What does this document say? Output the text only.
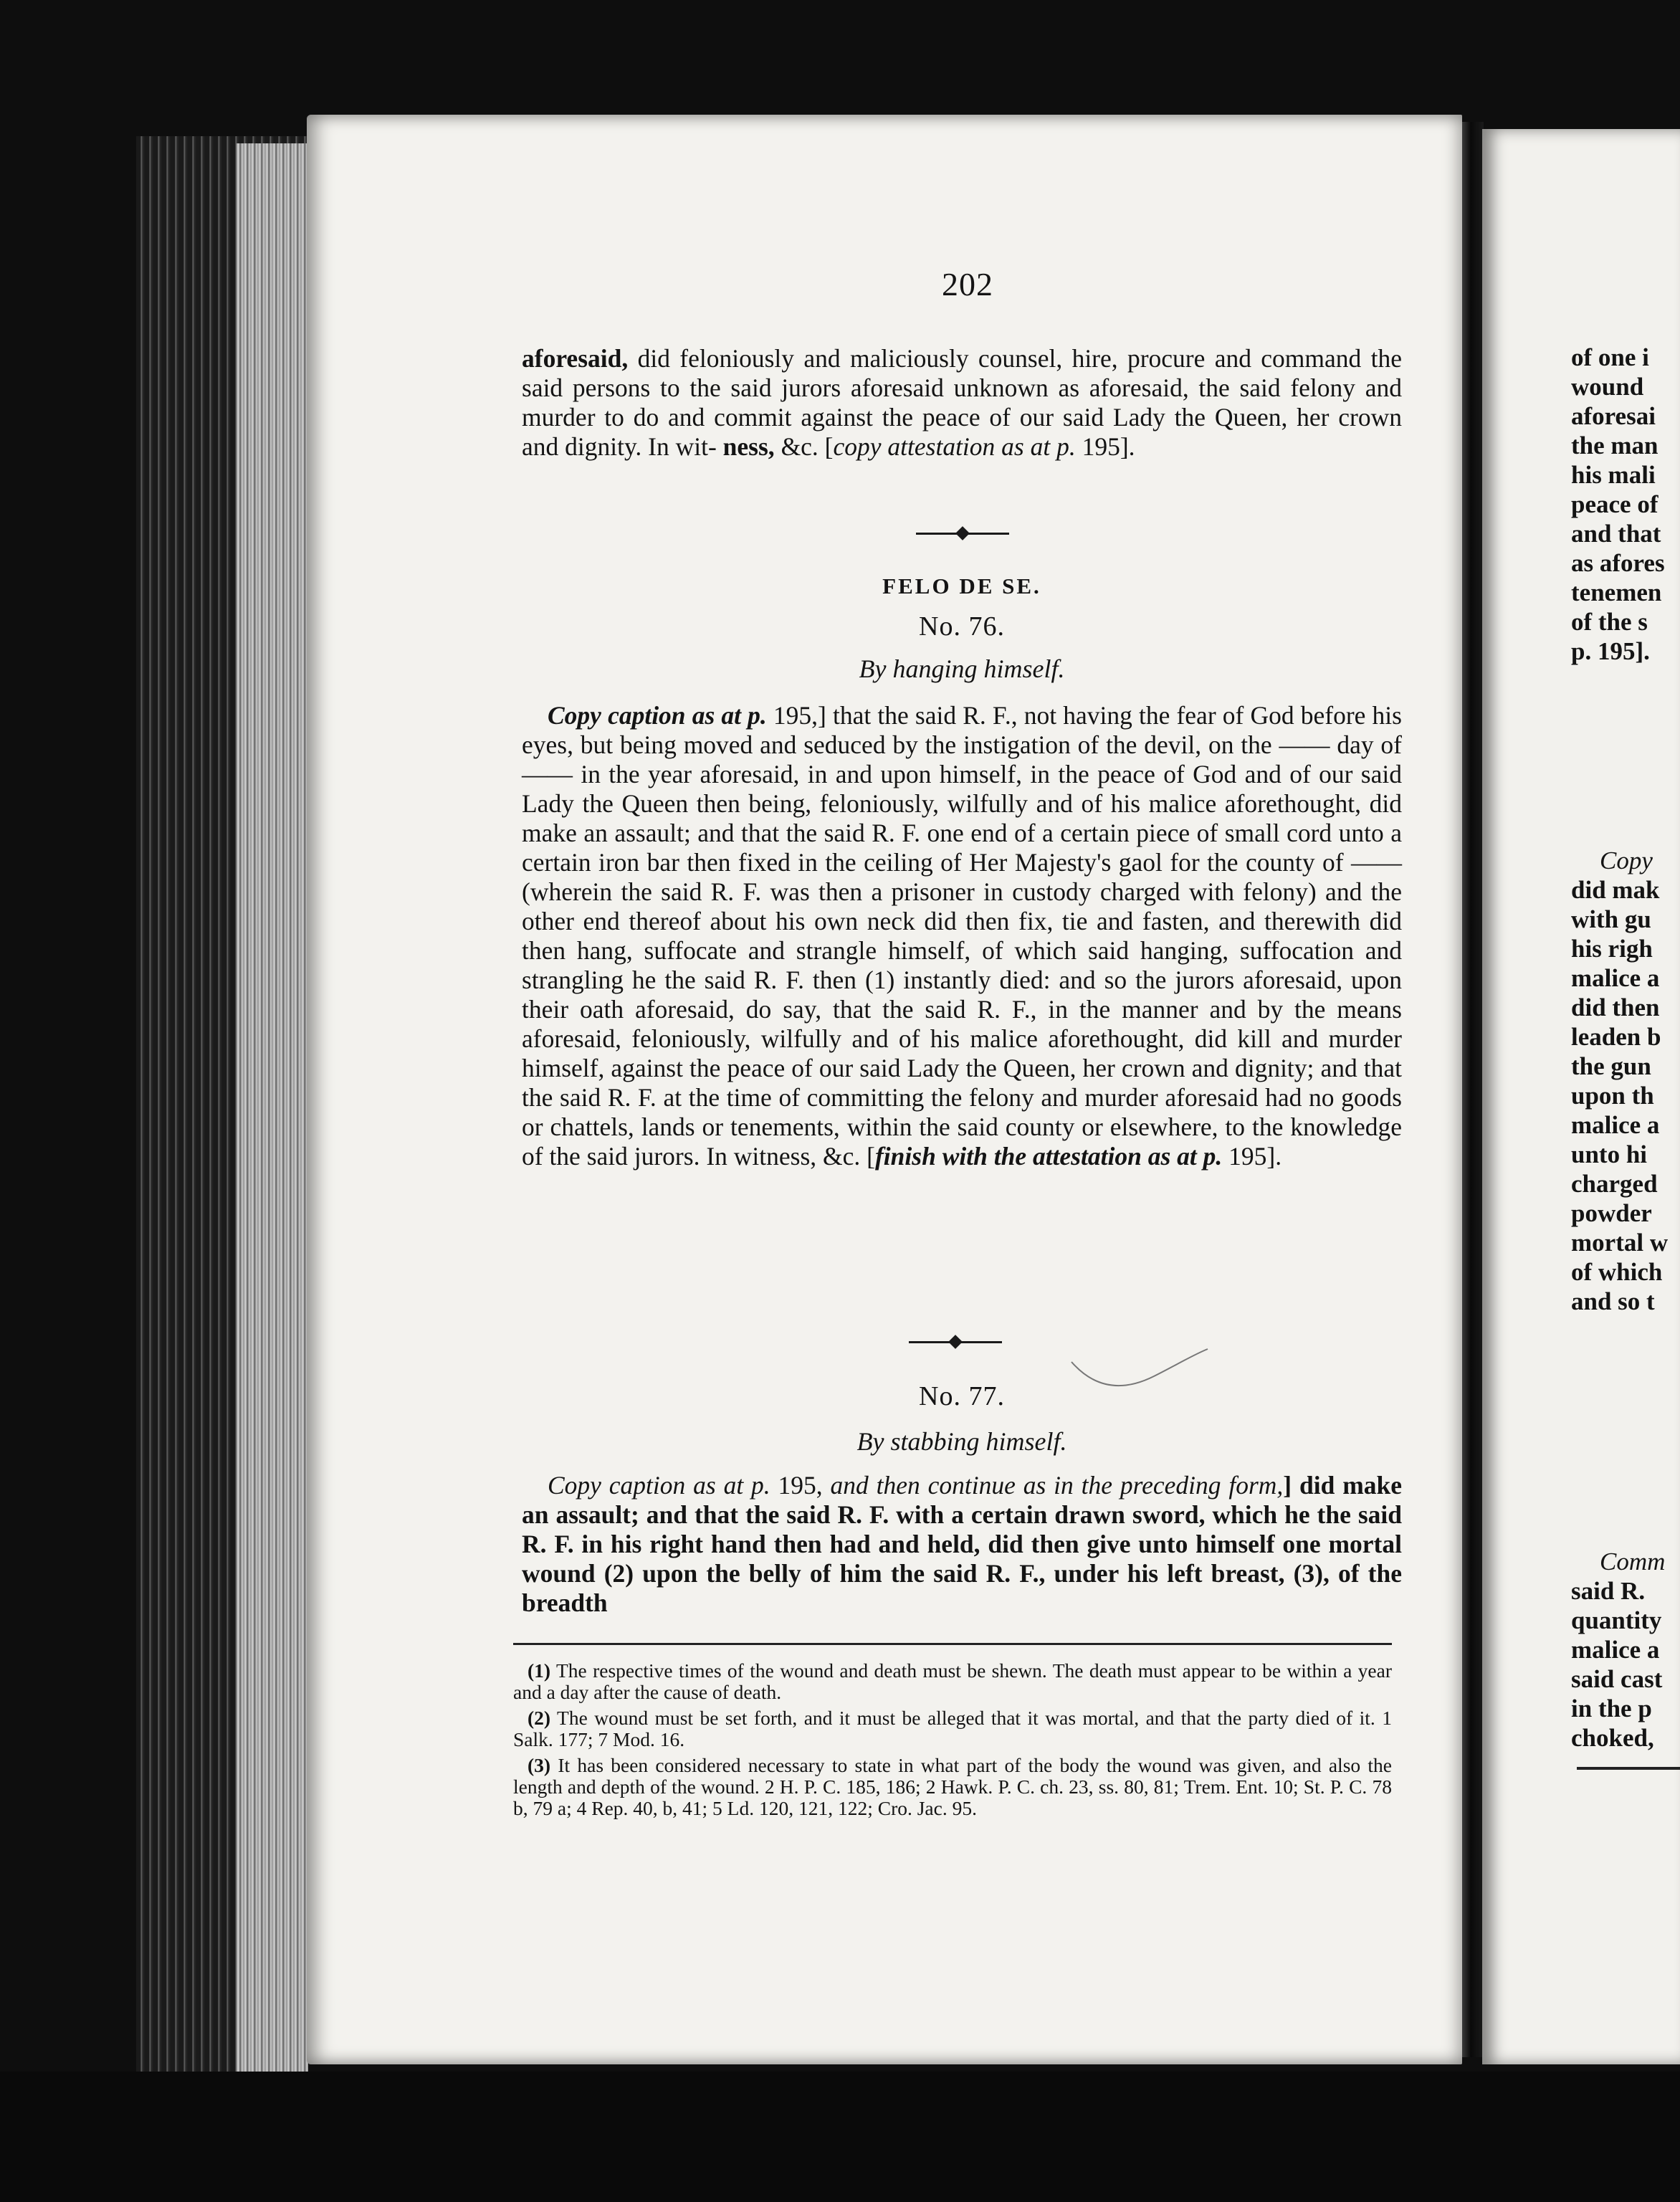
202

aforesaid, did feloniously and maliciously counsel, hire, procure and command the said persons to the said jurors aforesaid unknown as aforesaid, the said felony and murder to do and commit against the peace of our said Lady the Queen, her crown and dignity. In wit- ness, &c. [copy attestation as at p. 195].

FELO DE SE.
No. 76.
By hanging himself.

Copy caption as at p. 195,] that the said R. F., not having the fear of God before his eyes, but being moved and seduced by the instigation of the devil, on the —— day of —— in the year aforesaid, in and upon himself, in the peace of God and of our said Lady the Queen then being, feloniously, wilfully and of his malice aforethought, did make an assault; and that the said R. F. one end of a certain piece of small cord unto a certain iron bar then fixed in the ceiling of Her Majesty's gaol for the county of —— (wherein the said R. F. was then a prisoner in custody charged with felony) and the other end thereof about his own neck did then fix, tie and fasten, and therewith did then hang, suffocate and strangle himself, of which said hanging, suffocation and strangling he the said R. F. then (1) instantly died: and so the jurors aforesaid, upon their oath aforesaid, do say, that the said R. F., in the manner and by the means aforesaid, feloniously, wilfully and of his malice aforethought, did kill and murder himself, against the peace of our said Lady the Queen, her crown and dignity; and that the said R. F. at the time of committing the felony and murder aforesaid had no goods or chattels, lands or tenements, within the said county or elsewhere, to the knowledge of the said jurors. In witness, &c. [finish with the attestation as at p. 195].

No. 77.
By stabbing himself.

Copy caption as at p. 195, and then continue as in the preceding form,] did make an assault; and that the said R. F. with a certain drawn sword, which he the said R. F. in his right hand then had and held, did then give unto himself one mortal wound (2) upon the belly of him the said R. F., under his left breast, (3), of the breadth

(1) The respective times of the wound and death must be shewn. The death must appear to be within a year and a day after the cause of death.

(2) The wound must be set forth, and it must be alleged that it was mortal, and that the party died of it. 1 Salk. 177; 7 Mod. 16.

(3) It has been considered necessary to state in what part of the body the wound was given, and also the length and depth of the wound. 2 H. P. C. 185, 186; 2 Hawk. P. C. ch. 23, ss. 80, 81; Trem. Ent. 10; St. P. C. 78 b, 79 a; 4 Rep. 40, b, 41; 5 Ld. 120, 121, 122; Cro. Jac. 95.

of one i
wound
aforesai
the man
his mali
peace of
and that
as afores
tenemen
of the s
p. 195].
Copy
did mak
with gu
his righ
malice a
did then
leaden b
the gun
upon th
malice a
unto hi
charged
powder
mortal w
of which
and so t
Comm
said R.
quantity
malice a
said cast
in the p
choked,
